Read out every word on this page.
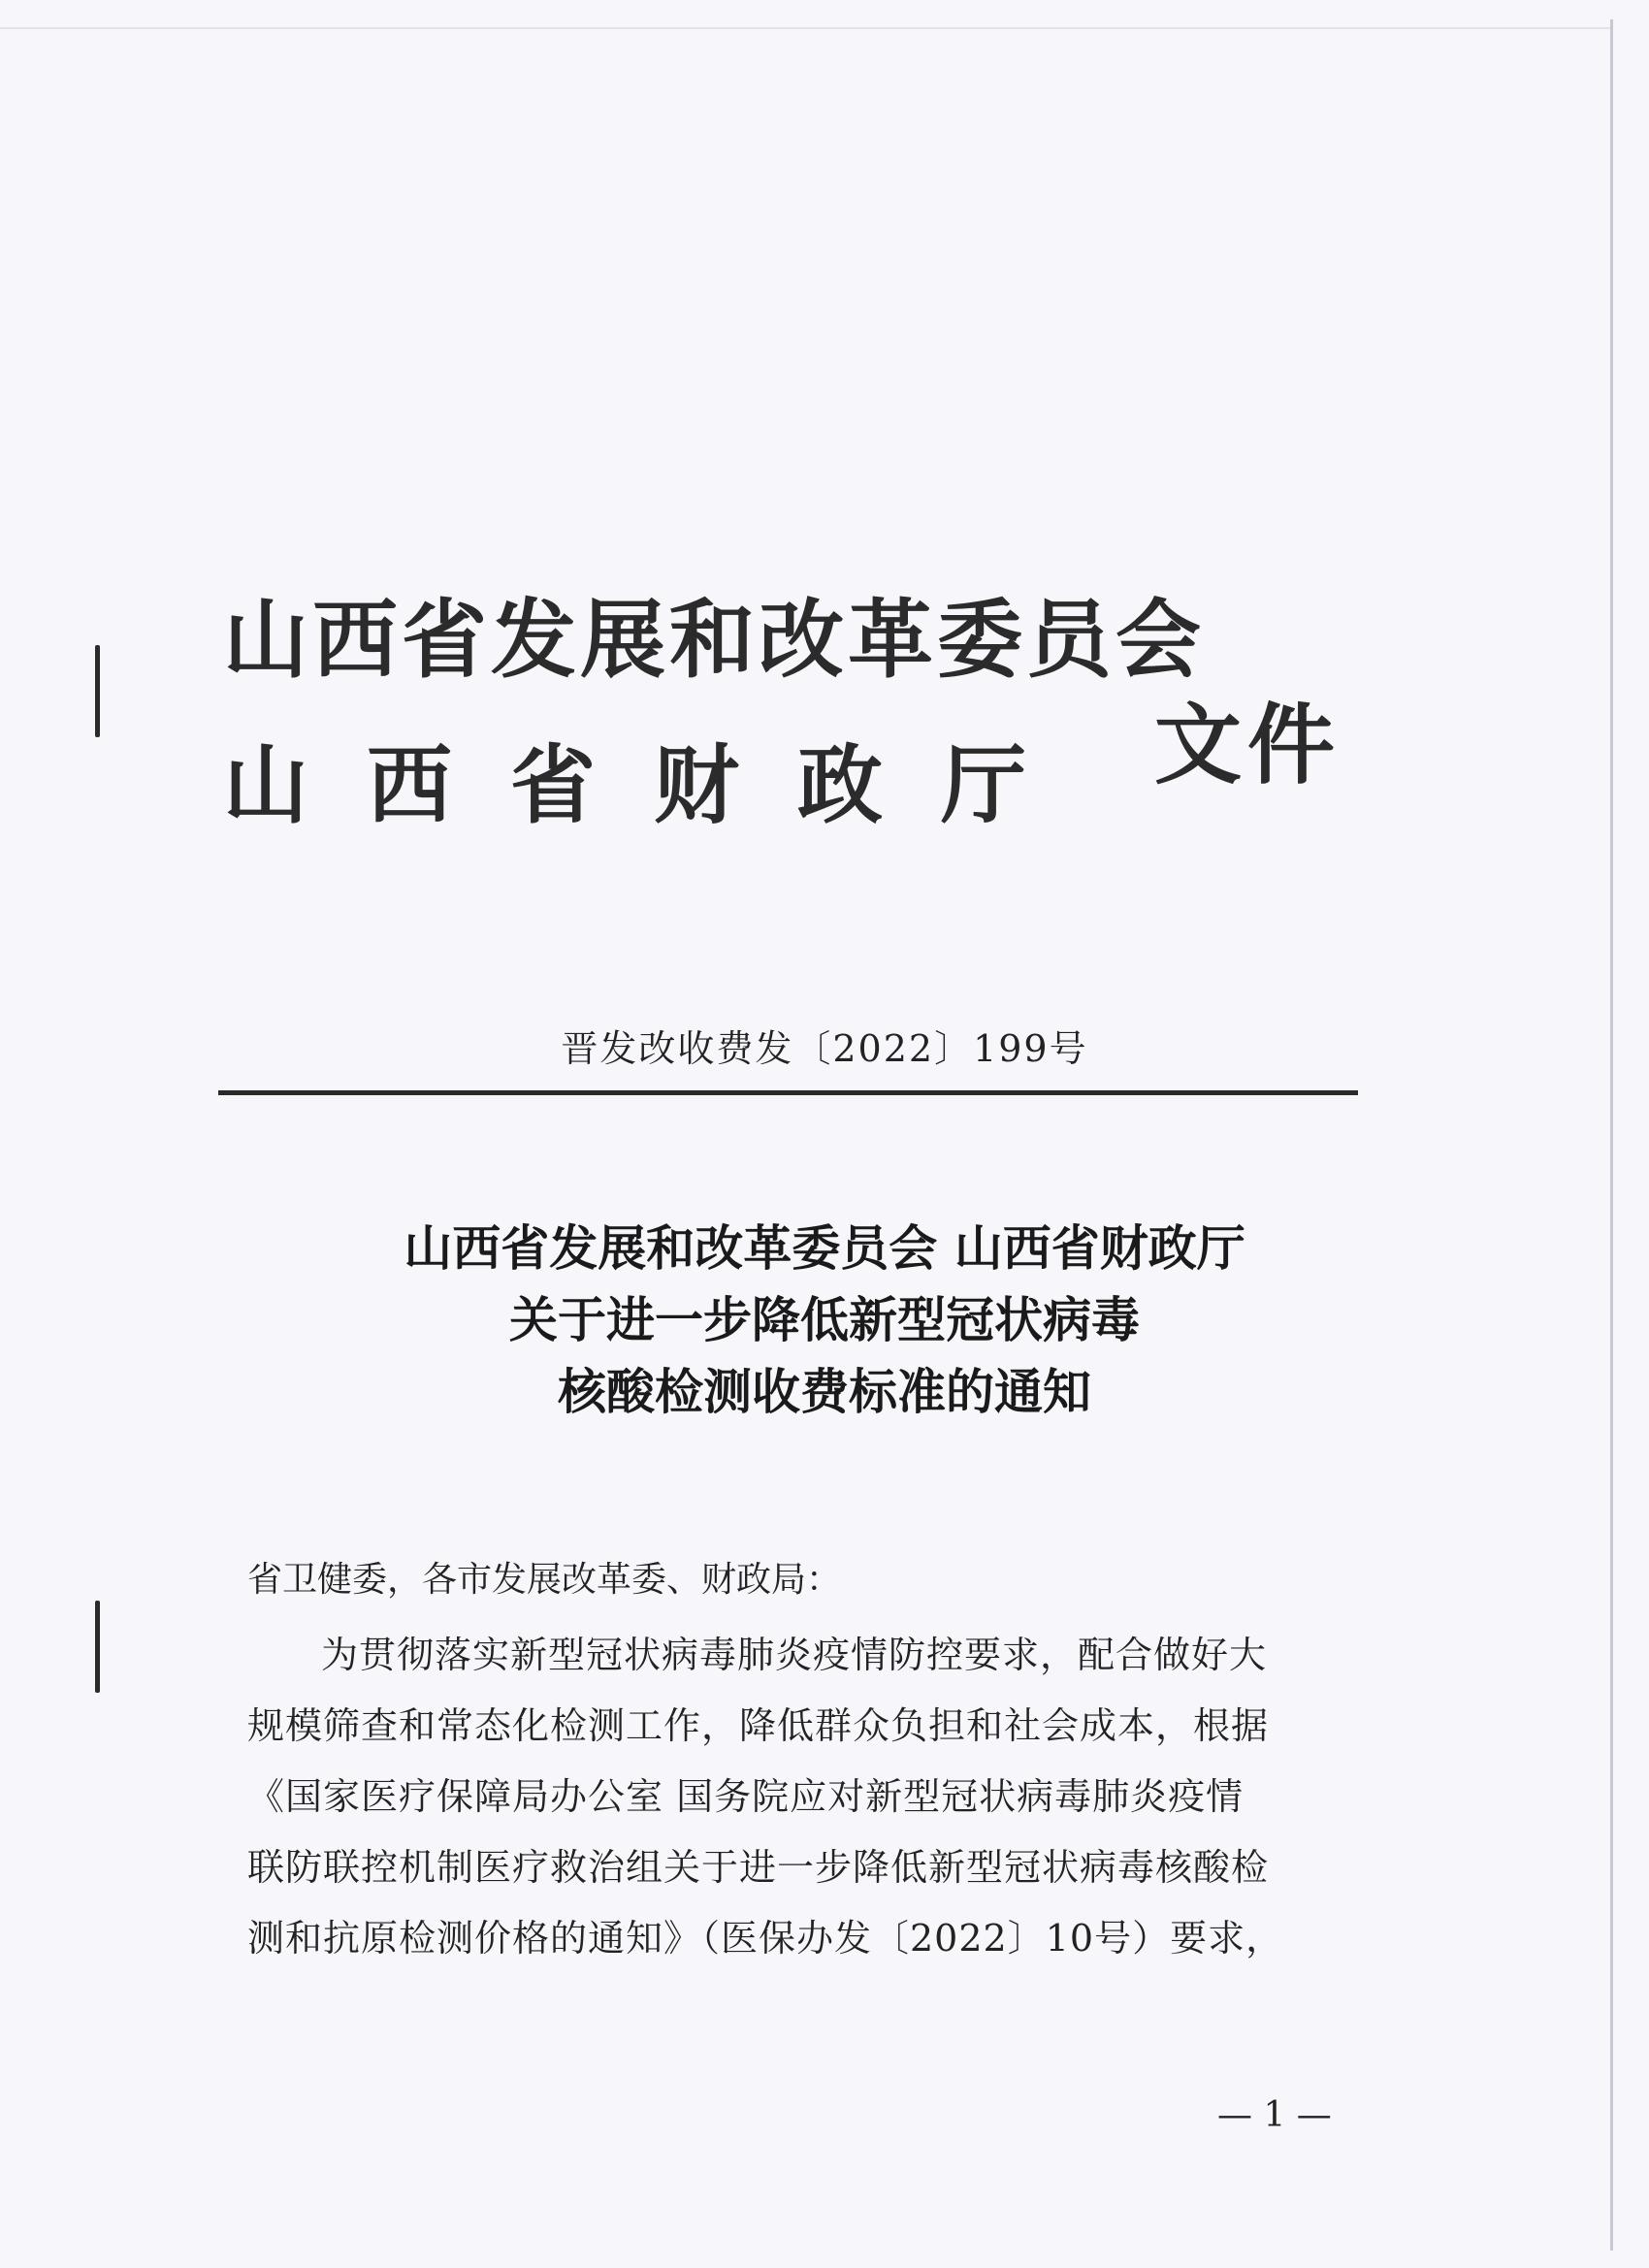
山西省发展和改革委员会
山西省财政厅 文件
晋发改收费发〔2022〕199号
山西省发展和改革委员会 山西省财政厅
关于进一步降低新型冠状病毒
核酸检测收费标准的通知
省卫健委，各市发展改革委、财政局：
为贯彻落实新型冠状病毒肺炎疫情防控要求，配合做好大
规模筛查和常态化检测工作，降低群众负担和社会成本，根据
《国家医疗保障局办公室 国务院应对新型冠状病毒肺炎疫情
联防联控机制医疗救治组关于进一步降低新型冠状病毒核酸检
测和抗原检测价格的通知》（医保办发〔2022〕10号）要求，
— 1 —
